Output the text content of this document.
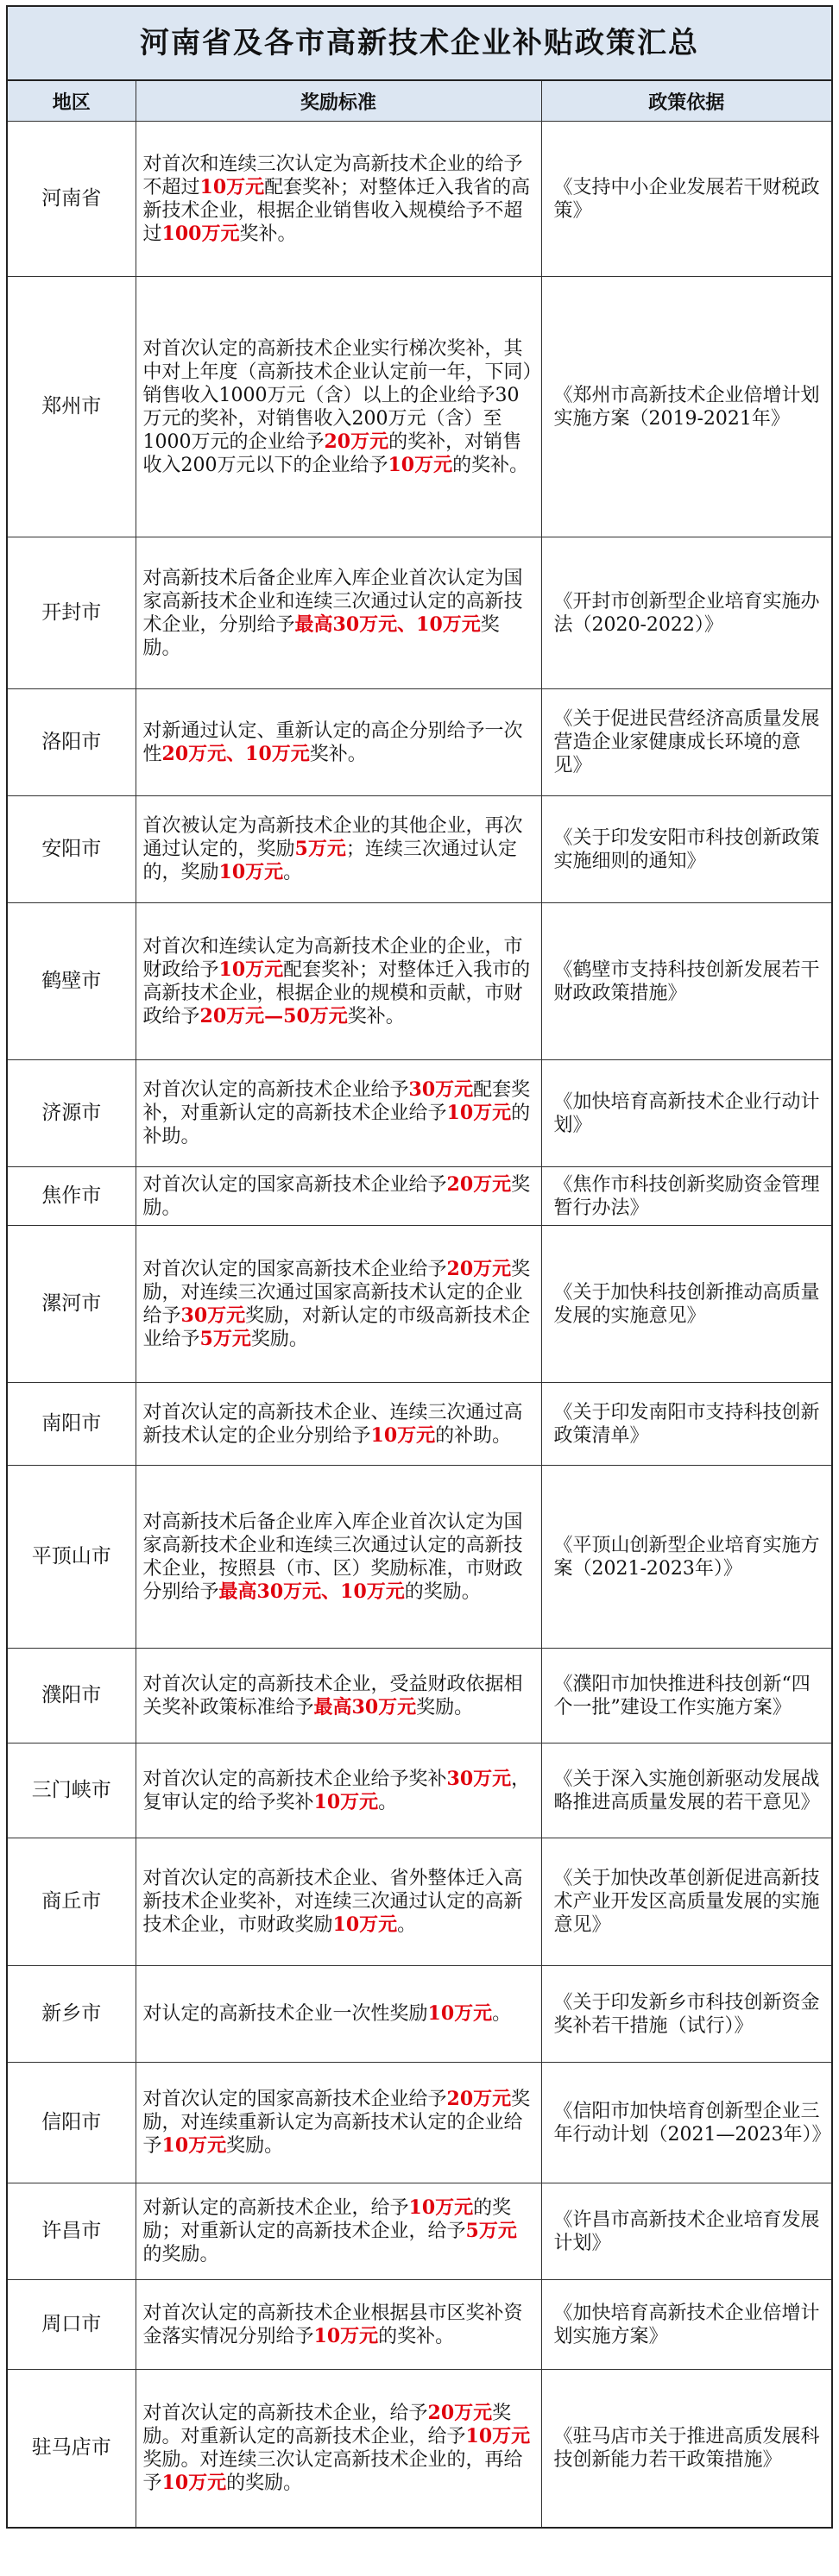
河南省及各市高新技术企业补贴政策汇总
地区	奖励标准	政策依据
河南省	对首次和连续三次认定为高新技术企业的给予不超过10万元配套奖补；对整体迁入我省的高新技术企业，根据企业销售收入规模给予不超过100万元奖补。	《支持中小企业发展若干财税政策》
郑州市	对首次认定的高新技术企业实行梯次奖补，其中对上年度（高新技术企业认定前一年，下同）销售收入1000万元（含）以上的企业给予30万元的奖补，对销售收入200万元（含）至1000万元的企业给予20万元的奖补，对销售收入200万元以下的企业给予10万元的奖补。	《郑州市高新技术企业倍增计划实施方案（2019-2021年》
开封市	对高新技术后备企业库入库企业首次认定为国家高新技术企业和连续三次通过认定的高新技术企业，分别给予最高30万元、10万元奖励。	《开封市创新型企业培育实施办法（2020-2022）》
洛阳市	对新通过认定、重新认定的高企分别给予一次性20万元、10万元奖补。	《关于促进民营经济高质量发展营造企业家健康成长环境的意见》
安阳市	首次被认定为高新技术企业的其他企业，再次通过认定的，奖励5万元；连续三次通过认定的，奖励10万元。	《关于印发安阳市科技创新政策实施细则的通知》
鹤壁市	对首次和连续认定为高新技术企业的企业，市财政给予10万元配套奖补；对整体迁入我市的高新技术企业，根据企业的规模和贡献，市财政给予20万元—50万元奖补。	《鹤壁市支持科技创新发展若干财政政策措施》
济源市	对首次认定的高新技术企业给予30万元配套奖补，对重新认定的高新技术企业给予10万元的补助。	《加快培育高新技术企业行动计划》
焦作市	对首次认定的国家高新技术企业给予20万元奖励。	《焦作市科技创新奖励资金管理暂行办法》
漯河市	对首次认定的国家高新技术企业给予20万元奖励，对连续三次通过国家高新技术认定的企业给予30万元奖励，对新认定的市级高新技术企业给予5万元奖励。	《关于加快科技创新推动高质量发展的实施意见》
南阳市	对首次认定的高新技术企业、连续三次通过高新技术认定的企业分别给予10万元的补助。	《关于印发南阳市支持科技创新政策清单》
平顶山市	对高新技术后备企业库入库企业首次认定为国家高新技术企业和连续三次通过认定的高新技术企业，按照县（市、区）奖励标准，市财政分别给予最高30万元、10万元的奖励。	《平顶山创新型企业培育实施方案（2021-2023年）》
濮阳市	对首次认定的高新技术企业，受益财政依据相关奖补政策标准给予最高30万元奖励。	《濮阳市加快推进科技创新“四个一批”建设工作实施方案》
三门峡市	对首次认定的高新技术企业给予奖补30万元，复审认定的给予奖补10万元。	《关于深入实施创新驱动发展战略推进高质量发展的若干意见》
商丘市	对首次认定的高新技术企业、省外整体迁入高新技术企业奖补，对连续三次通过认定的高新技术企业，市财政奖励10万元。	《关于加快改革创新促进高新技术产业开发区高质量发展的实施意见》
新乡市	对认定的高新技术企业一次性奖励10万元。	《关于印发新乡市科技创新资金奖补若干措施（试行）》
信阳市	对首次认定的国家高新技术企业给予20万元奖励，对连续重新认定为高新技术认定的企业给予10万元奖励。	《信阳市加快培育创新型企业三年行动计划（2021—2023年）》
许昌市	对新认定的高新技术企业，给予10万元的奖励；对重新认定的高新技术企业，给予5万元的奖励。	《许昌市高新技术企业培育发展计划》
周口市	对首次认定的高新技术企业根据县市区奖补资金落实情况分别给予10万元的奖补。	《加快培育高新技术企业倍增计划实施方案》
驻马店市	对首次认定的高新技术企业，给予20万元奖励。对重新认定的高新技术企业，给予10万元奖励。对连续三次认定高新技术企业的，再给予10万元的奖励。	《驻马店市关于推进高质发展科技创新能力若干政策措施》
